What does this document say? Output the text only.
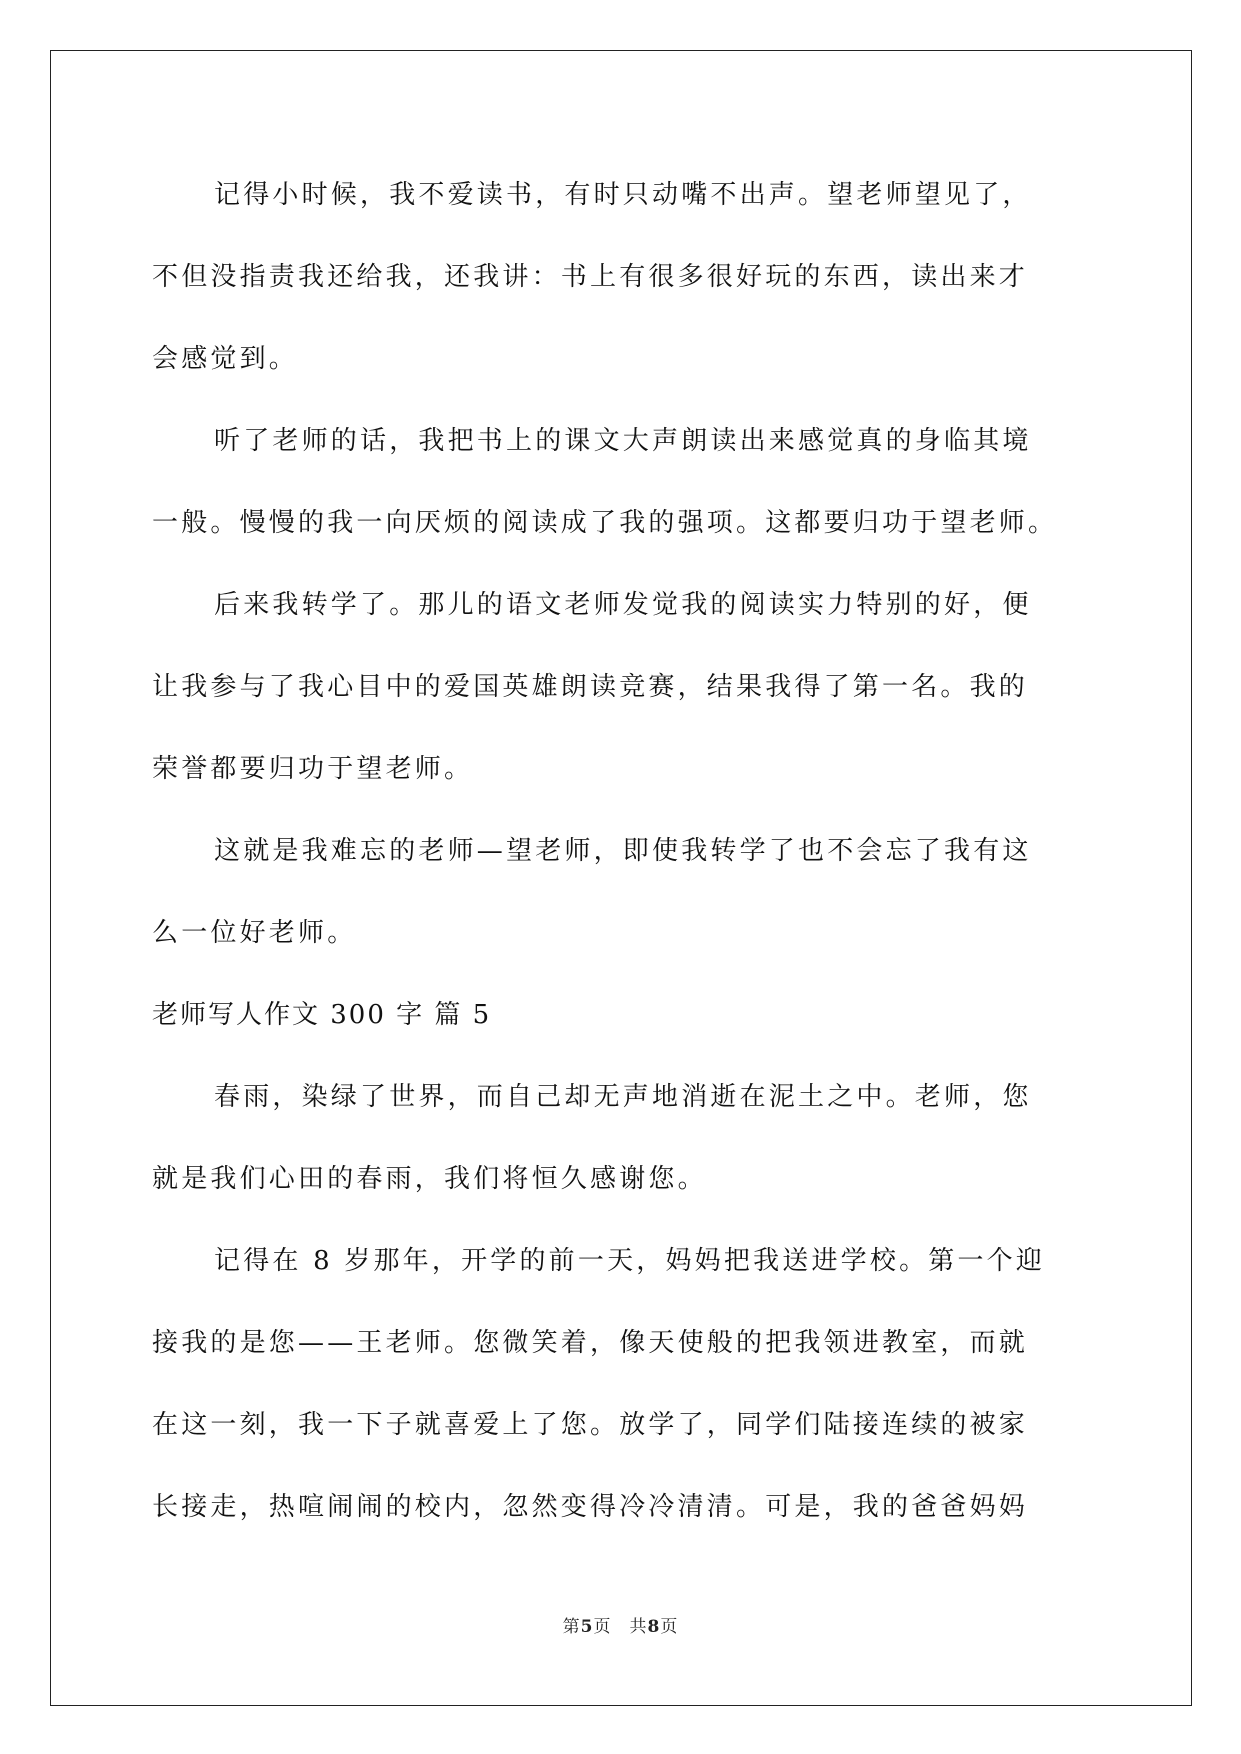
记得小时候，我不爱读书，有时只动嘴不出声。望老师望见了，
不但没指责我还给我，还我讲：书上有很多很好玩的东西，读出来才
会感觉到。
听了老师的话，我把书上的课文大声朗读出来感觉真的身临其境
一般。慢慢的我一向厌烦的阅读成了我的强项。这都要归功于望老师。
后来我转学了。那儿的语文老师发觉我的阅读实力特别的好，便
让我参与了我心目中的爱国英雄朗读竞赛，结果我得了第一名。我的
荣誉都要归功于望老师。
这就是我难忘的老师—望老师，即使我转学了也不会忘了我有这
么一位好老师。
老师写人作文 300 字 篇 5
春雨，染绿了世界，而自己却无声地消逝在泥土之中。老师，您
就是我们心田的春雨，我们将恒久感谢您。
记得在 8 岁那年，开学的前一天，妈妈把我送进学校。第一个迎
接我的是您——王老师。您微笑着，像天使般的把我领进教室，而就
在这一刻，我一下子就喜爱上了您。放学了，同学们陆接连续的被家
长接走，热喧闹闹的校内，忽然变得冷冷清清。可是，我的爸爸妈妈
第5页 共8页
